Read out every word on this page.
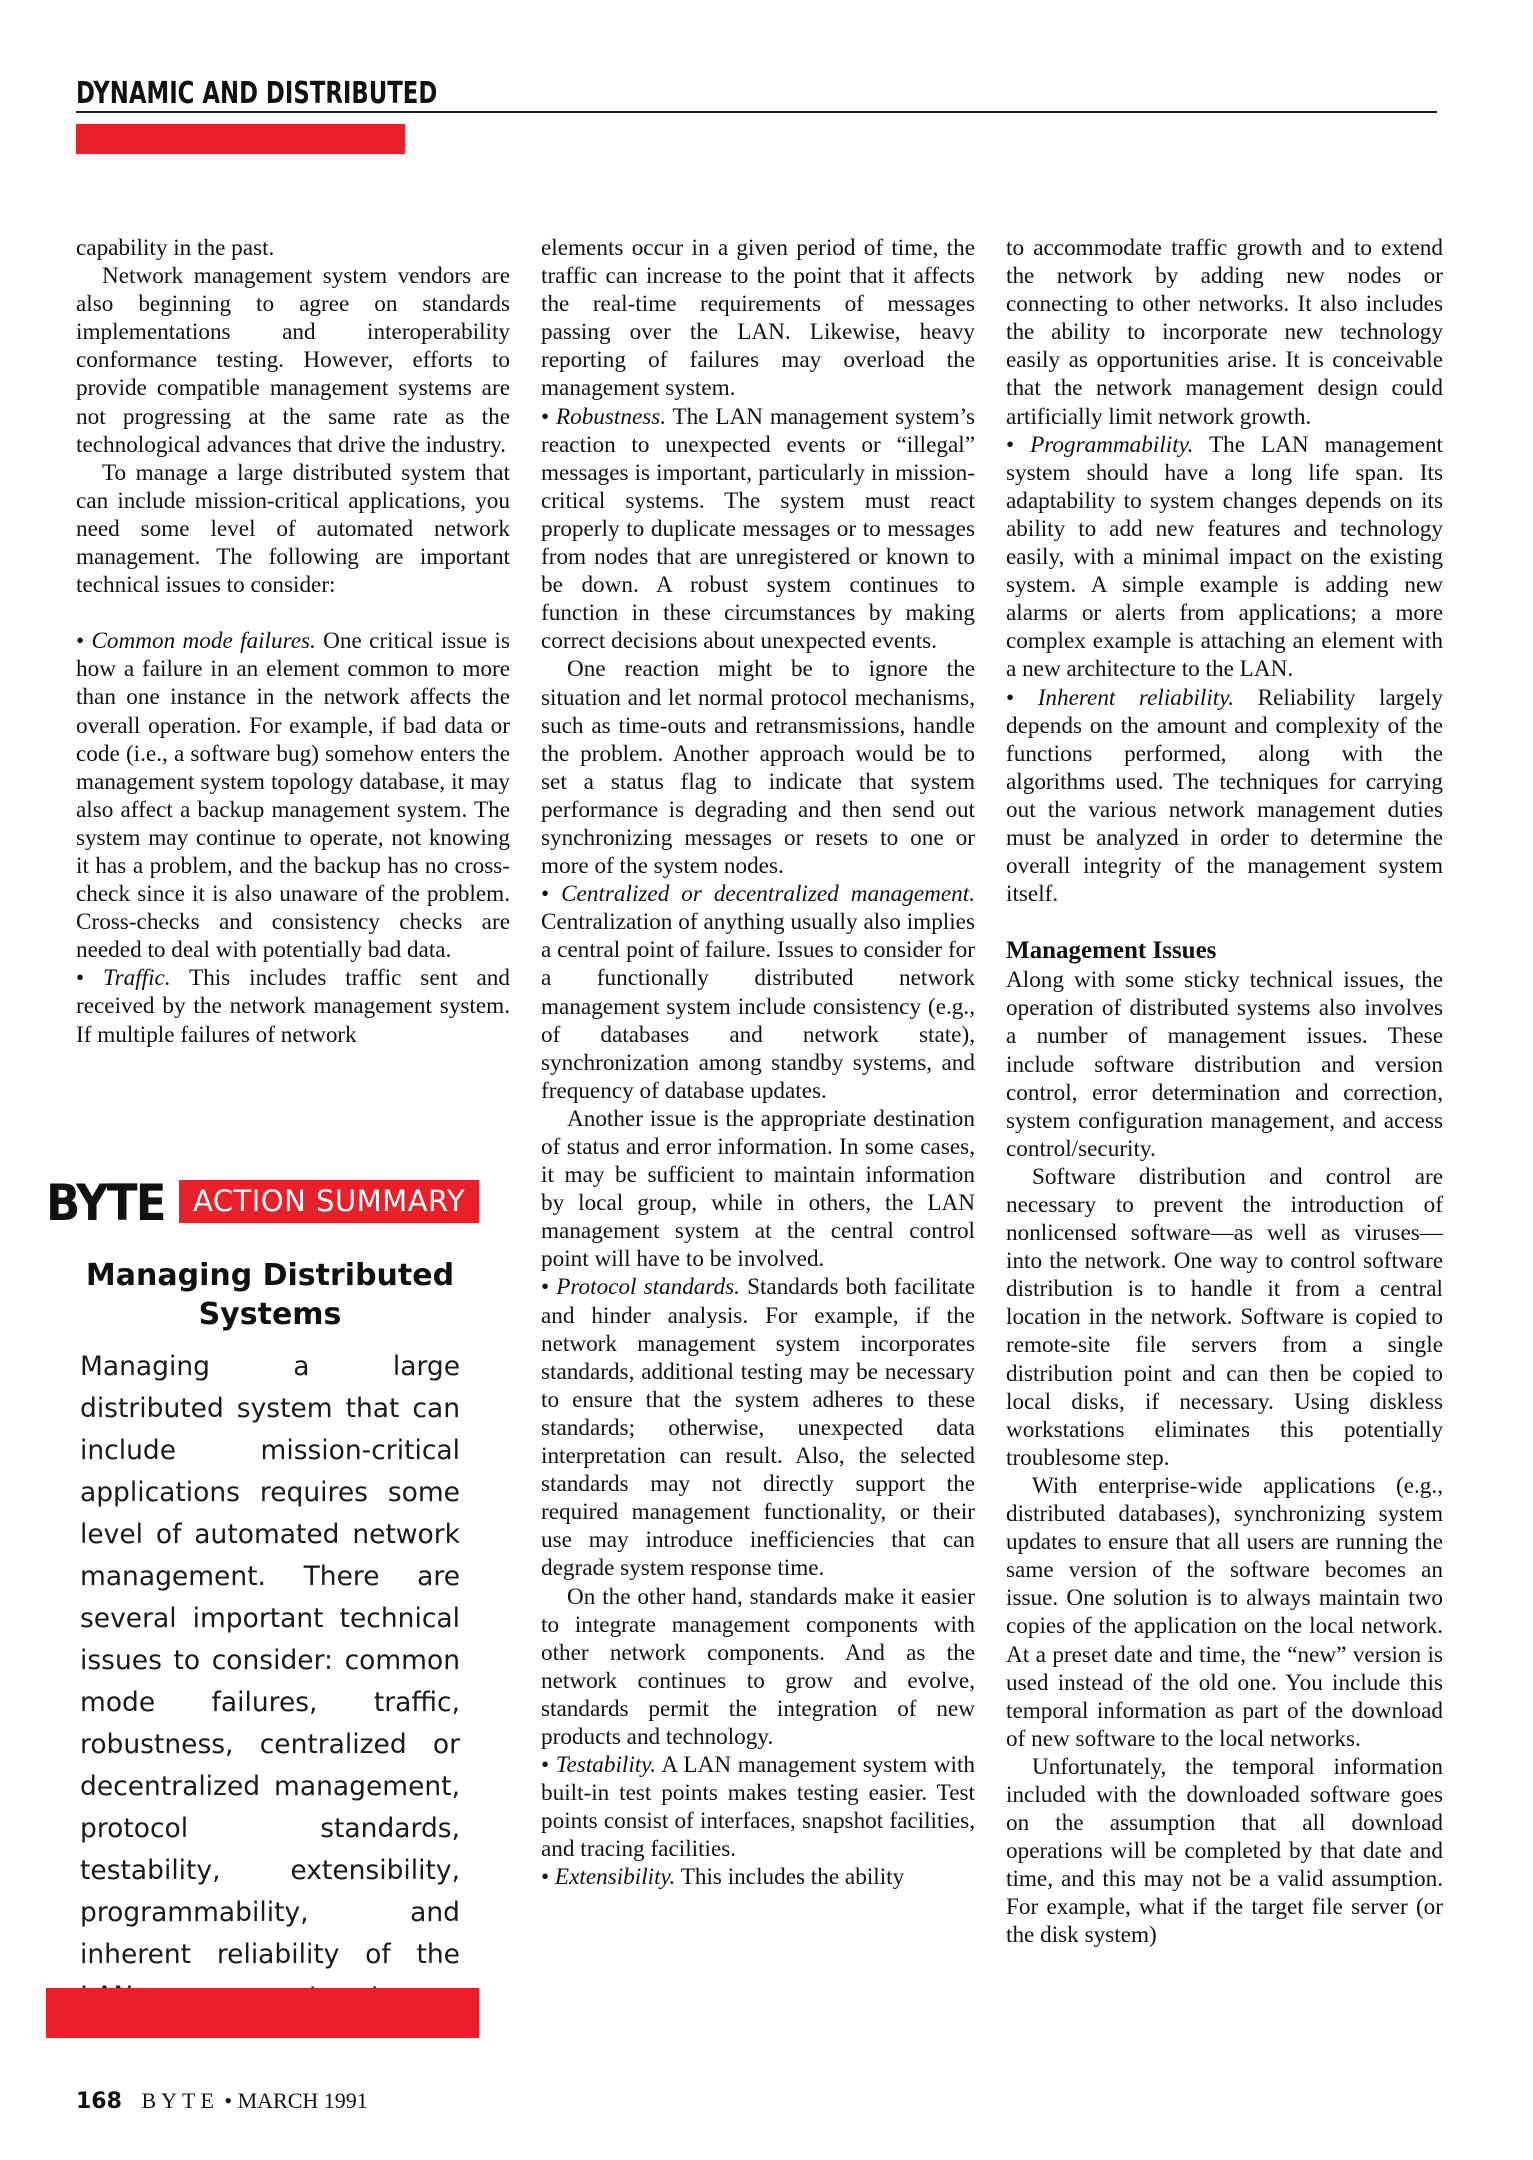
DYNAMIC AND DISTRIBUTED

capability in the past.

Network management system vendors are also beginning to agree on standards implementations and interoperability conformance testing. However, efforts to provide compatible management systems are not progressing at the same rate as the technological advances that drive the industry.

To manage a large distributed system that can include mission-critical applications, you need some level of automated network management. The following are important technical issues to consider:

• Common mode failures. One critical issue is how a failure in an element common to more than one instance in the network affects the overall operation. For example, if bad data or code (i.e., a software bug) somehow enters the management system topology database, it may also affect a backup management system. The system may continue to operate, not knowing it has a problem, and the backup has no cross-check since it is also unaware of the problem. Cross-checks and consistency checks are needed to deal with potentially bad data.

• Traffic. This includes traffic sent and received by the network management system. If multiple failures of network

BYTE ACTION SUMMARY
Managing Distributed Systems

Managing a large distributed system that can include mission-critical applications requires some level of automated network management. There are several important technical issues to consider: common mode failures, traffic, robustness, centralized or decentralized management, protocol standards, testability, extensibility, programmability, and inherent reliability of the

elements occur in a given period of time, the traffic can increase to the point that it affects the real-time requirements of messages passing over the LAN. Likewise, heavy reporting of failures may overload the management system.

• Robustness. The LAN management system’s reaction to unexpected events or “illegal” messages is important, particularly in mission-critical systems. The system must react properly to duplicate messages or to messages from nodes that are unregistered or known to be down. A robust system continues to function in these circumstances by making correct decisions about unexpected events.

One reaction might be to ignore the situation and let normal protocol mechanisms, such as time-outs and retransmissions, handle the problem. Another approach would be to set a status flag to indicate that system performance is degrading and then send out synchronizing messages or resets to one or more of the system nodes.

• Centralized or decentralized management. Centralization of anything usually also implies a central point of failure. Issues to consider for a functionally distributed network management system include consistency (e.g., of databases and network state), synchronization among standby systems, and frequency of database updates.

Another issue is the appropriate destination of status and error information. In some cases, it may be sufficient to maintain information by local group, while in others, the LAN management system at the central control point will have to be involved.

• Protocol standards. Standards both facilitate and hinder analysis. For example, if the network management system incorporates standards, additional testing may be necessary to ensure that the system adheres to these standards; otherwise, unexpected data interpretation can result. Also, the selected standards may not directly support the required management functionality, or their use may introduce inefficiencies that can degrade system response time.

On the other hand, standards make it easier to integrate management components with other network components. And as the network continues to grow and evolve, standards permit the integration of new products and technology.

• Testability. A LAN management system with built-in test points makes testing easier. Test points consist of interfaces, snapshot facilities, and tracing facilities.

• Extensibility. This includes the ability

to accommodate traffic growth and to extend the network by adding new nodes or connecting to other networks. It also includes the ability to incorporate new technology easily as opportunities arise. It is conceivable that the network management design could artificially limit network growth.

• Programmability. The LAN management system should have a long life span. Its adaptability to system changes depends on its ability to add new features and technology easily, with a minimal impact on the existing system. A simple example is adding new alarms or alerts from applications; a more complex example is attaching an element with a new architecture to the LAN.

• Inherent reliability. Reliability largely depends on the amount and complexity of the functions performed, along with the algorithms used. The techniques for carrying out the various network management duties must be analyzed in order to determine the overall integrity of the management system itself.

Management Issues

Along with some sticky technical issues, the operation of distributed systems also involves a number of management issues. These include software distribution and version control, error determination and correction, system configuration management, and access control/security.

Software distribution and control are necessary to prevent the introduction of nonlicensed software—as well as viruses—into the network. One way to control software distribution is to handle it from a central location in the network. Software is copied to remote-site file servers from a single distribution point and can then be copied to local disks, if necessary. Using diskless workstations eliminates this potentially troublesome step.

With enterprise-wide applications (e.g., distributed databases), synchronizing system updates to ensure that all users are running the same version of the software becomes an issue. One solution is to always maintain two copies of the application on the local network. At a preset date and time, the “new” version is used instead of the old one. You include this temporal information as part of the download of new software to the local networks.

Unfortunately, the temporal information included with the downloaded software goes on the assumption that all download operations will be completed by that date and time, and this may not be a valid assumption. For example, what if the target file server (or the disk system)

168 BYTE • MARCH 1991
